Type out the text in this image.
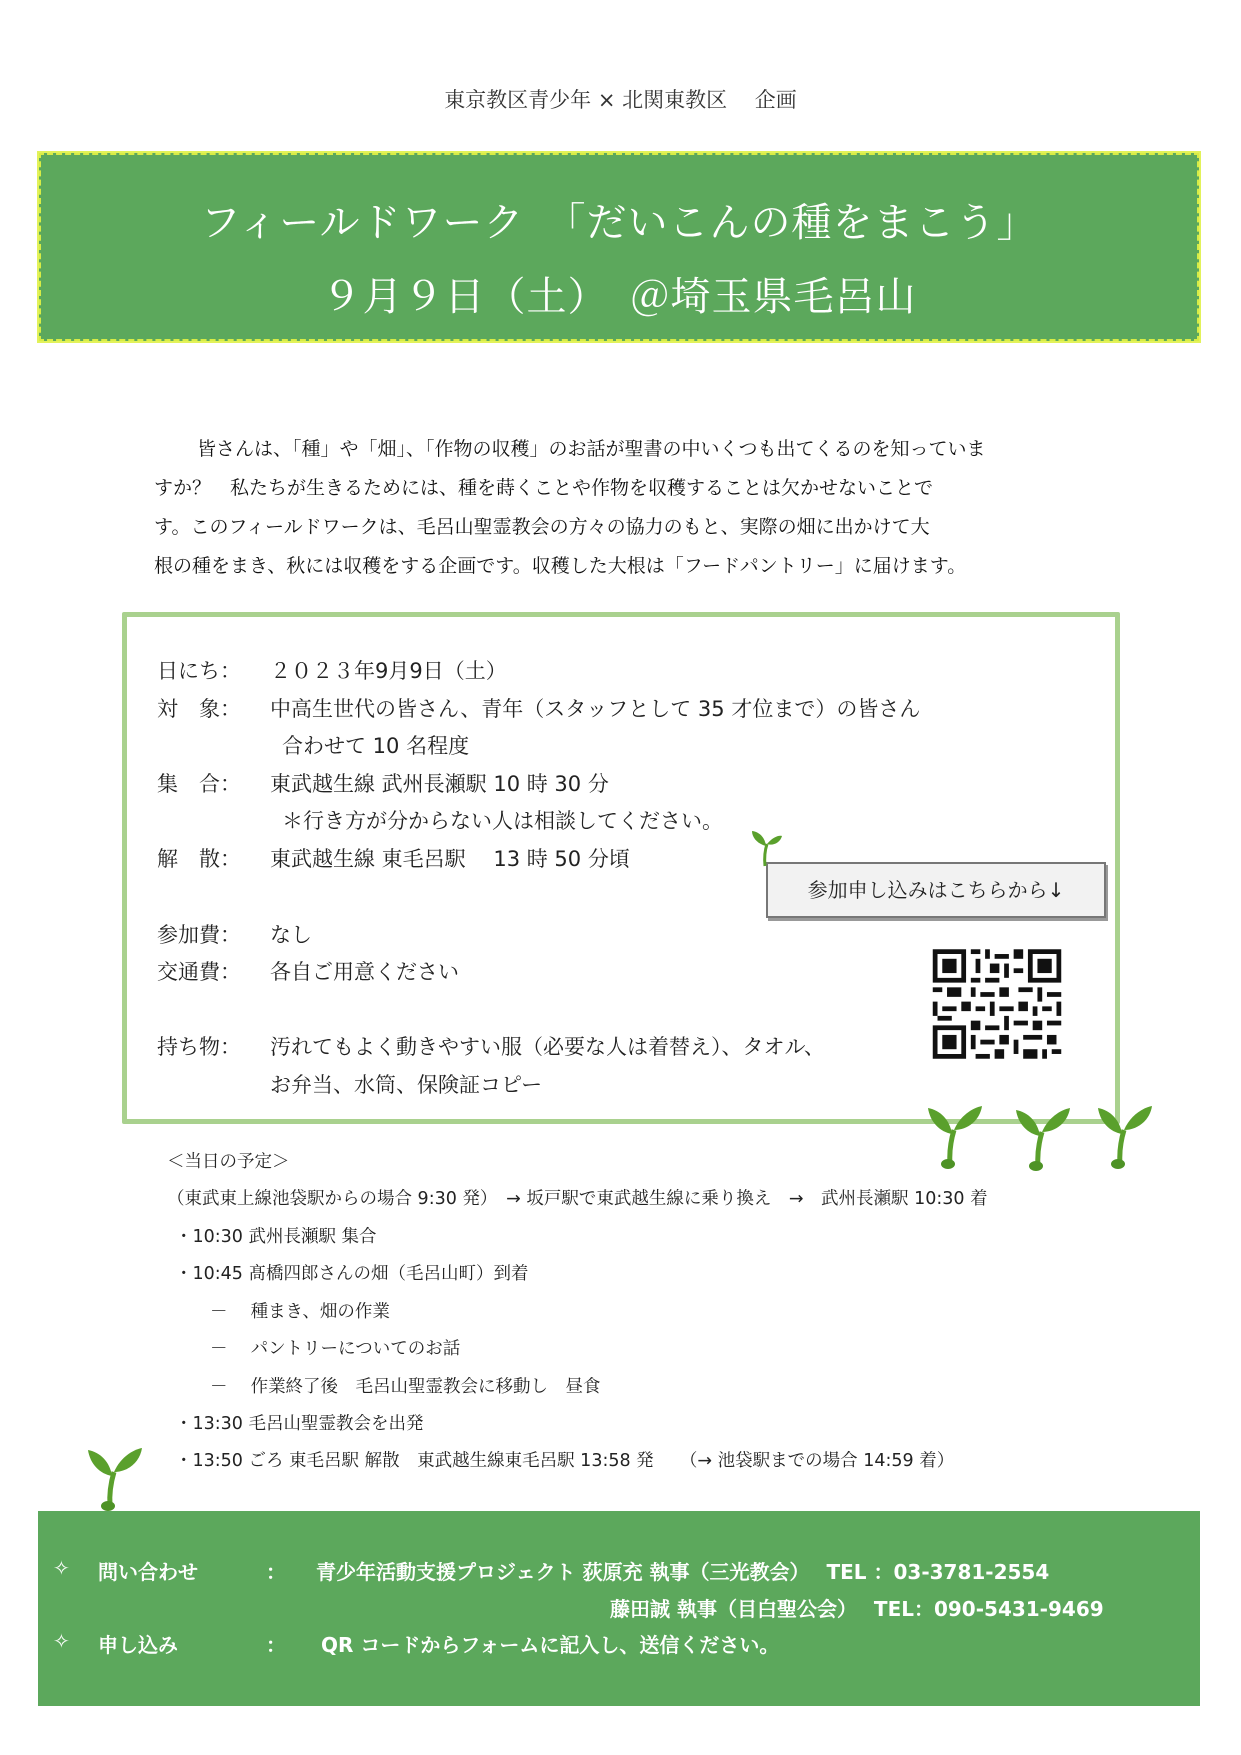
東京教区青少年 × 北関東教区　 企画
フィールドワーク　「だいこんの種をまこう」
９月９日（土）　＠埼玉県毛呂山

皆さんは、「種」や「畑」、「作物の収穫」のお話が聖書の中いくつも出てくるのを知っていま

すか？　私たちが生きるためには、種を蒔くことや作物を収穫することは欠かせないことで

す。このフィールドワークは、毛呂山聖霊教会の方々の協力のもと、実際の畑に出かけて大

根の種をまき、秋には収穫をする企画です。収穫した大根は「フードパントリー」に届けます。

日にち： ２０２３年9月9日（土）
対　象： 中高生世代の皆さん、青年（スタッフとして 35 才位まで）の皆さん
合わせて 10 名程度
集　合： 東武越生線 武州長瀬駅 10 時 30 分
＊行き方が分からない人は相談してください。
解　散： 東武越生線 東毛呂駅　 13 時 50 分頃
参加費： なし
交通費： 各自ご用意ください
持ち物： 汚れてもよく動きやすい服（必要な人は着替え）、タオル、
お弁当、水筒、保険証コピー
参加申し込みはこちらから↓
＜当日の予定＞
（東武東上線池袋駅からの場合 9:30 発）　→ 坂戸駅で東武越生線に乗り換え　→　武州長瀬駅 10:30 着
・10:30 武州長瀬駅 集合
・10:45 髙橋四郎さんの畑（毛呂山町）到着
－　 種まき、畑の作業
－　 パントリーについてのお話
－　 作業終了後　毛呂山聖霊教会に移動し　昼食
・13:30 毛呂山聖霊教会を出発
・13:50 ごろ 東毛呂駅 解散　東武越生線東毛呂駅 13:58 発　　（→ 池袋駅までの場合 14:59 着）
✧ 問い合わせ	： 青少年活動支援プロジェクト 荻原充 執事（三光教会）　 TEL ：03-3781-2554
藤田誠 執事（目白聖公会）　 TEL：090-5431-9469
✧ 申し込み	： QR コードからフォームに記入し、送信ください。
